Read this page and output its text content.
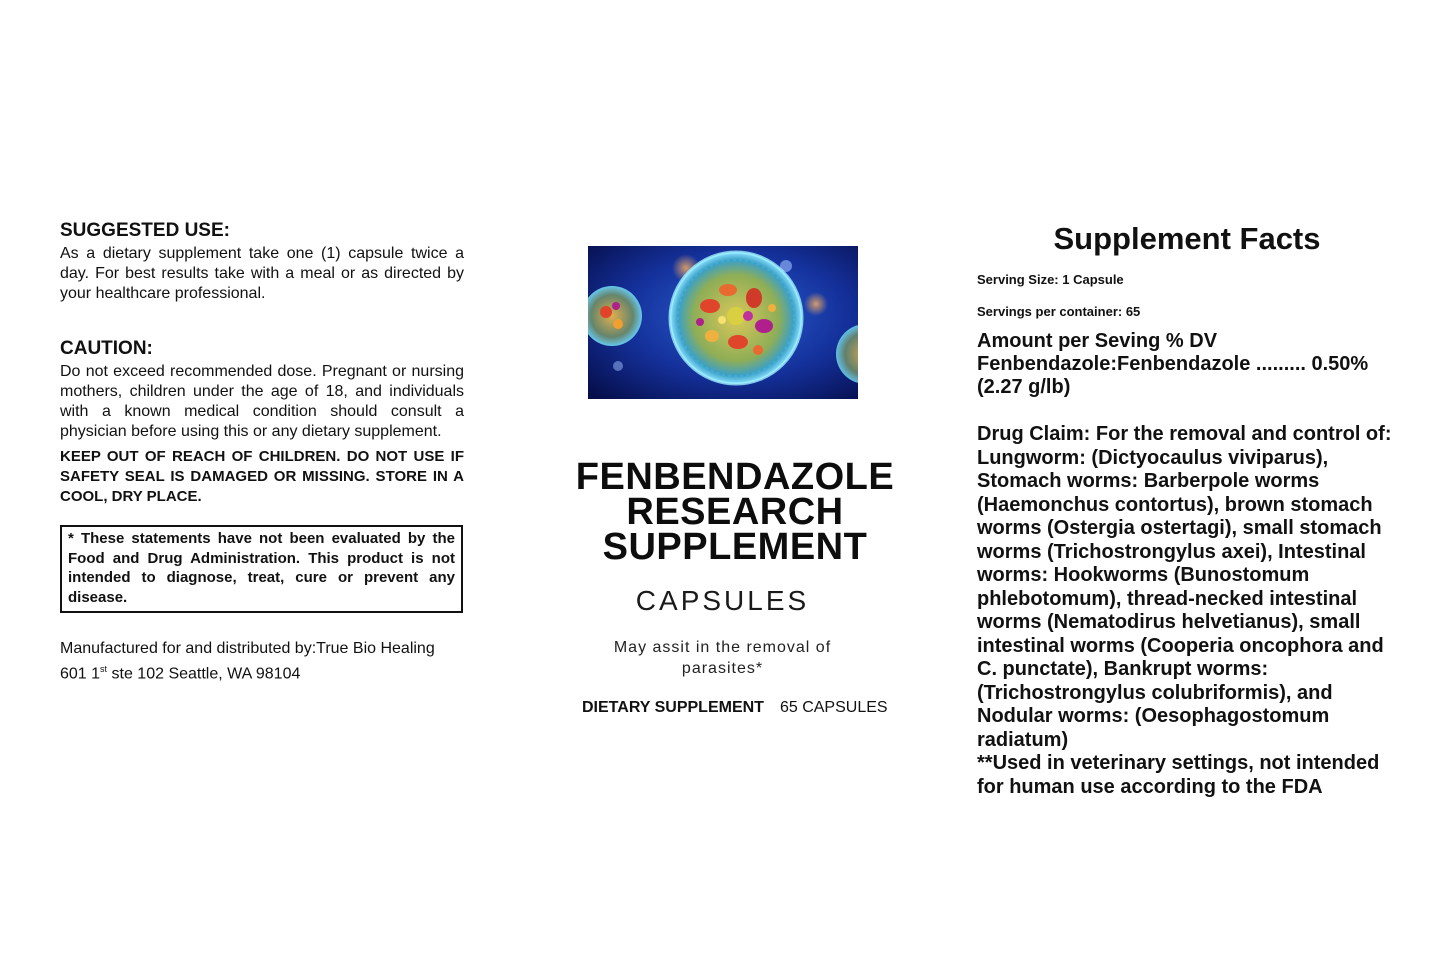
SUGGESTED USE:

As a dietary supplement take one (1) capsule twice a day. For best results take with a meal or as directed by your healthcare professional.

CAUTION:

Do not exceed recommended dose. Pregnant or nursing mothers, children under the age of 18, and individuals with a known medical condition should consult a physician before using this or any dietary supplement.

KEEP OUT OF REACH OF CHILDREN. DO NOT USE IF SAFETY SEAL IS DAMAGED OR MISSING. STORE IN A COOL, DRY PLACE.
* These statements have not been evaluated by the Food and Drug Administration. This product is not intended to diagnose, treat, cure or prevent any disease.
Manufactured for and distributed by:True Bio Healing 601 1st ste 102 Seattle, WA 98104
FENBENDAZOLE
RESEARCH
SUPPLEMENT
CAPSULES
May assit in the removal of parasites*
DIETARY SUPPLEMENT 65 CAPSULES

Supplement Facts

Serving Size: 1 Capsule
Servings per container: 65
Amount per Seving % DV
Fenbendazole:Fenbendazole ......... 0.50% (2.27 g/lb)
Drug Claim: For the removal and control of: Lungworm: (Dictyocaulus viviparus), Stomach worms: Barberpole worms (Haemonchus contortus), brown stomach worms (Ostergia ostertagi), small stomach worms (Trichostrongylus axei), Intestinal worms: Hookworms (Bunostomum phlebotomum), thread-necked intestinal worms (Nematodirus helvetianus), small intestinal worms (Cooperia oncophora and C. punctate), Bankrupt worms: (Trichostrongylus colubriformis), and Nodular worms: (Oesophagostomum radiatum)
**Used in veterinary settings, not intended for human use according to the FDA
